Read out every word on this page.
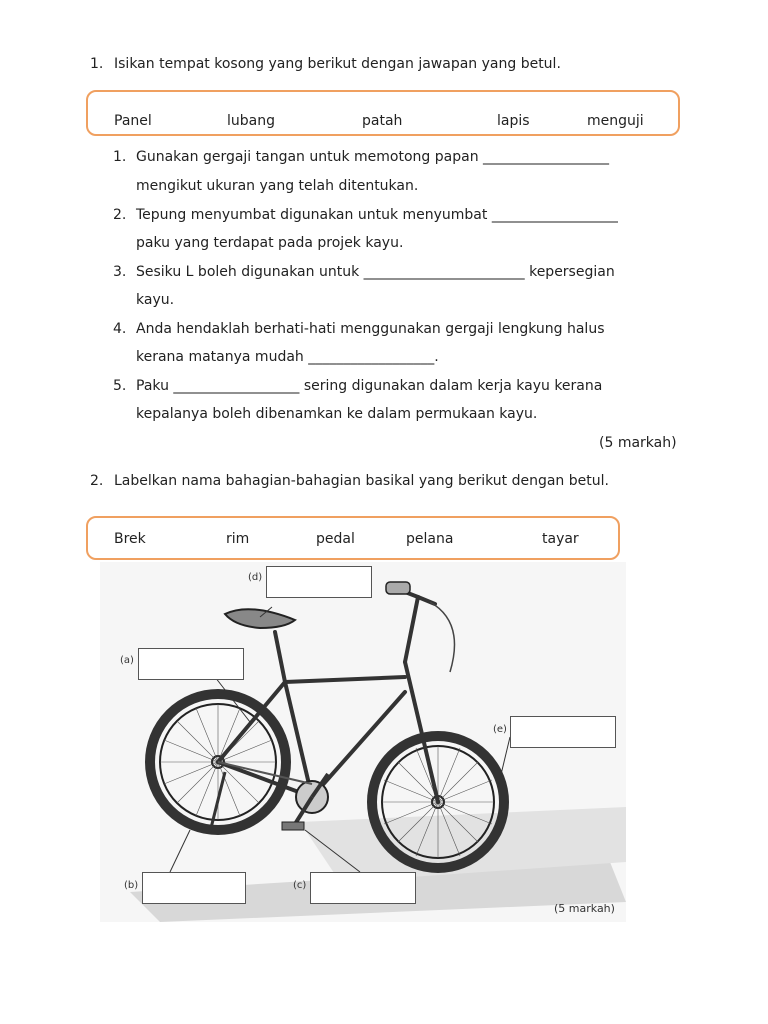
1. Isikan tempat kosong yang berikut dengan jawapan yang betul.
Panel	lubang	patah	lapis	menguji
1. Gunakan gergaji tangan untuk memotong papan __________________
mengikut ukuran yang telah ditentukan.
2. Tepung menyumbat digunakan untuk menyumbat __________________
paku yang terdapat pada projek kayu.
3. Sesiku L boleh digunakan untuk _______________________ kepersegian
kayu.
4. Anda hendaklah berhati-hati menggunakan gergaji lengkung halus
kerana matanya mudah __________________.
5. Paku __________________ sering digunakan dalam kerja kayu kerana
kepalanya boleh dibenamkan ke dalam permukaan kayu.
(5 markah)
2. Labelkan nama bahagian-bahagian basikal yang berikut dengan betul.
Brek	rim	pedal	pelana	tayar
(d)
(a)
(e)
(b)	(c)
(5 markah)
